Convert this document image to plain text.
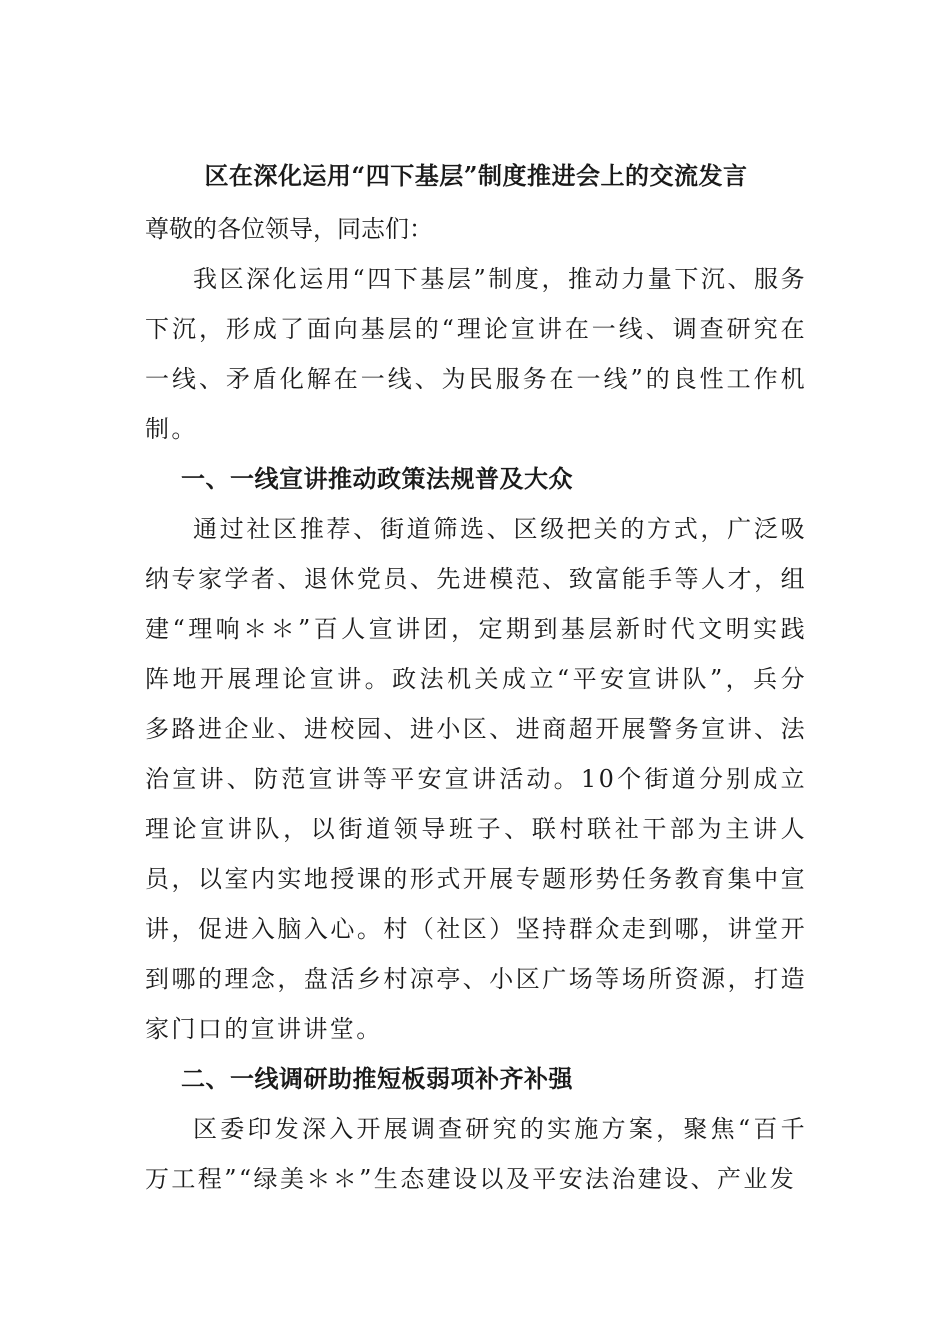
区在深化运用“四下基层”制度推进会上的交流发言

尊敬的各位领导，同志们：

我区深化运用“四下基层”制度，推动力量下沉、服务下沉，形成了面向基层的“理论宣讲在一线、调查研究在一线、矛盾化解在一线、为民服务在一线”的良性工作机制。

一、一线宣讲推动政策法规普及大众

通过社区推荐、街道筛选、区级把关的方式，广泛吸纳专家学者、退休党员、先进模范、致富能手等人才，组建“理响＊＊”百人宣讲团，定期到基层新时代文明实践阵地开展理论宣讲。政法机关成立“平安宣讲队”，兵分多路进企业、进校园、进小区、进商超开展警务宣讲、法治宣讲、防范宣讲等平安宣讲活动。10个街道分别成立理论宣讲队，以街道领导班子、联村联社干部为主讲人员，以室内实地授课的形式开展专题形势任务教育集中宣讲，促进入脑入心。村（社区）坚持群众走到哪，讲堂开到哪的理念，盘活乡村凉亭、小区广场等场所资源，打造家门口的宣讲讲堂。

二、一线调研助推短板弱项补齐补强

区委印发深入开展调查研究的实施方案，聚焦“百千万工程”“绿美＊＊”生态建设以及平安法治建设、产业发
